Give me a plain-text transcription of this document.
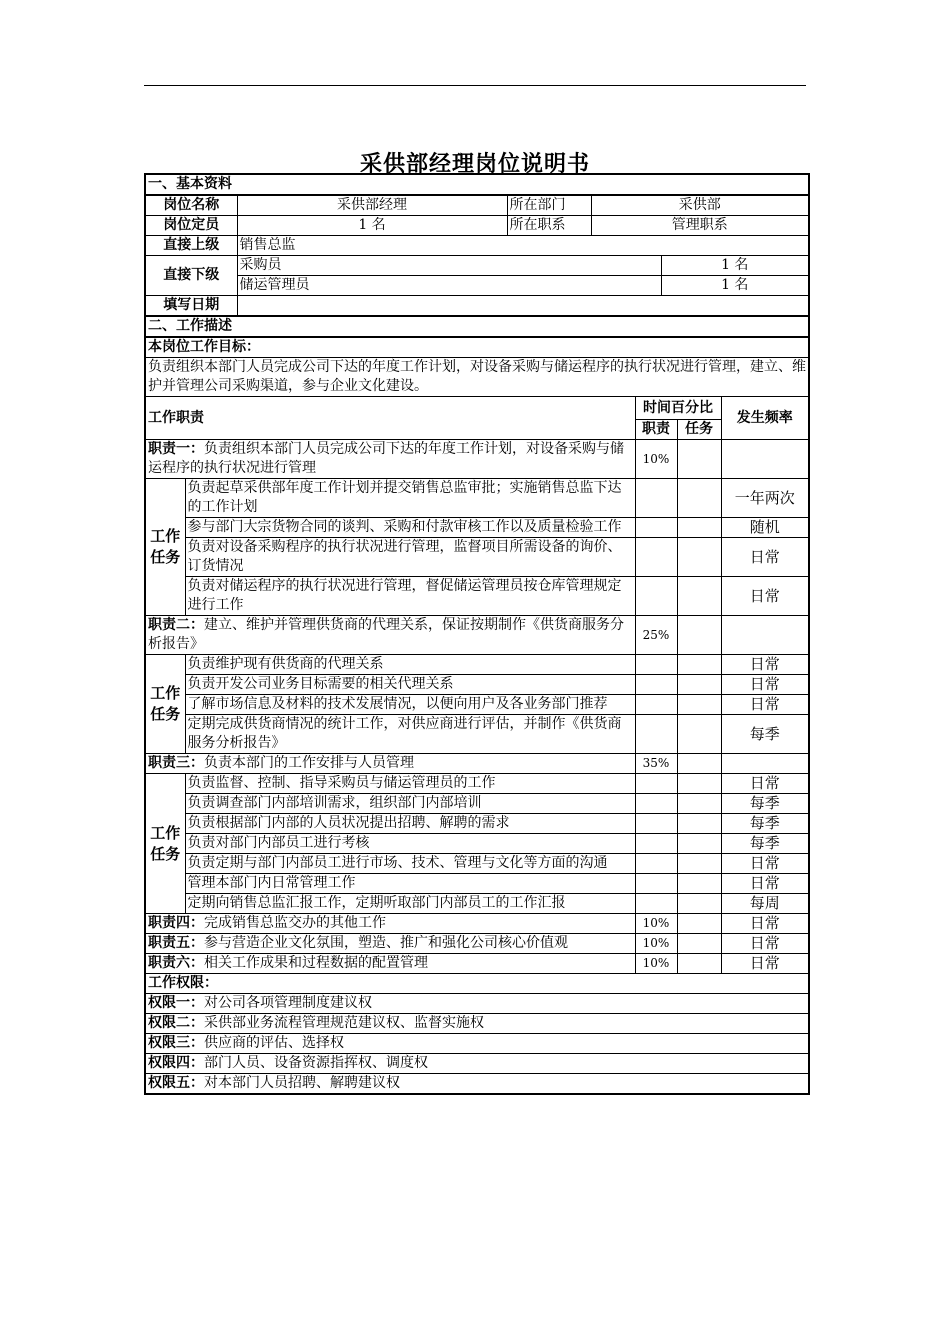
采供部经理岗位说明书
一、基本资料				
岗位名称	采供部经理	所在部门	采供部	
岗位定员	1 名	所在职系	管理职系	
直接上级	销售总监			
直接下级	采购员			1 名
	储运管理员			1 名
填写日期				
二、工作描述				
本岗位工作目标：				
负责组织本部门人员完成公司下达的年度工作计划，对设备采购与储运程序的执行状况进行管理，建立、维护并管理公司采购渠道，参与企业文化建设。				
工作职责		时间百分比		发生频率
		职责	任务	
职责一：负责组织本部门人员完成公司下达的年度工作计划，对设备采购与储运程序的执行状况进行管理		10%		
工作任务	负责起草采供部年度工作计划并提交销售总监审批；实施销售总监下达的工作计划			一年两次
	参与部门大宗货物合同的谈判、采购和付款审核工作以及质量检验工作			随机
	负责对设备采购程序的执行状况进行管理，监督项目所需设备的询价、订货情况			日常
	负责对储运程序的执行状况进行管理，督促储运管理员按仓库管理规定进行工作			日常
职责二：建立、维护并管理供货商的代理关系，保证按期制作《供货商服务分析报告》		25%		
工作任务	负责维护现有供货商的代理关系			日常
	负责开发公司业务目标需要的相关代理关系			日常
	了解市场信息及材料的技术发展情况，以便向用户及各业务部门推荐			日常
	定期完成供货商情况的统计工作，对供应商进行评估，并制作《供货商服务分析报告》			每季
职责三：负责本部门的工作安排与人员管理		35%		
工作任务	负责监督、控制、指导采购员与储运管理员的工作			日常
	负责调查部门内部培训需求，组织部门内部培训			每季
	负责根据部门内部的人员状况提出招聘、解聘的需求			每季
	负责对部门内部员工进行考核			每季
	负责定期与部门内部员工进行市场、技术、管理与文化等方面的沟通			日常
	管理本部门内日常管理工作			日常
	定期向销售总监汇报工作，定期听取部门内部员工的工作汇报			每周
职责四：完成销售总监交办的其他工作		10%		日常
职责五：参与营造企业文化氛围，塑造、推广和强化公司核心价值观		10%		日常
职责六：相关工作成果和过程数据的配置管理		10%		日常
工作权限：				
权限一：对公司各项管理制度建议权				
权限二：采供部业务流程管理规范建议权、监督实施权				
权限三：供应商的评估、选择权				
权限四：部门人员、设备资源指挥权、调度权				
权限五：对本部门人员招聘、解聘建议权				
